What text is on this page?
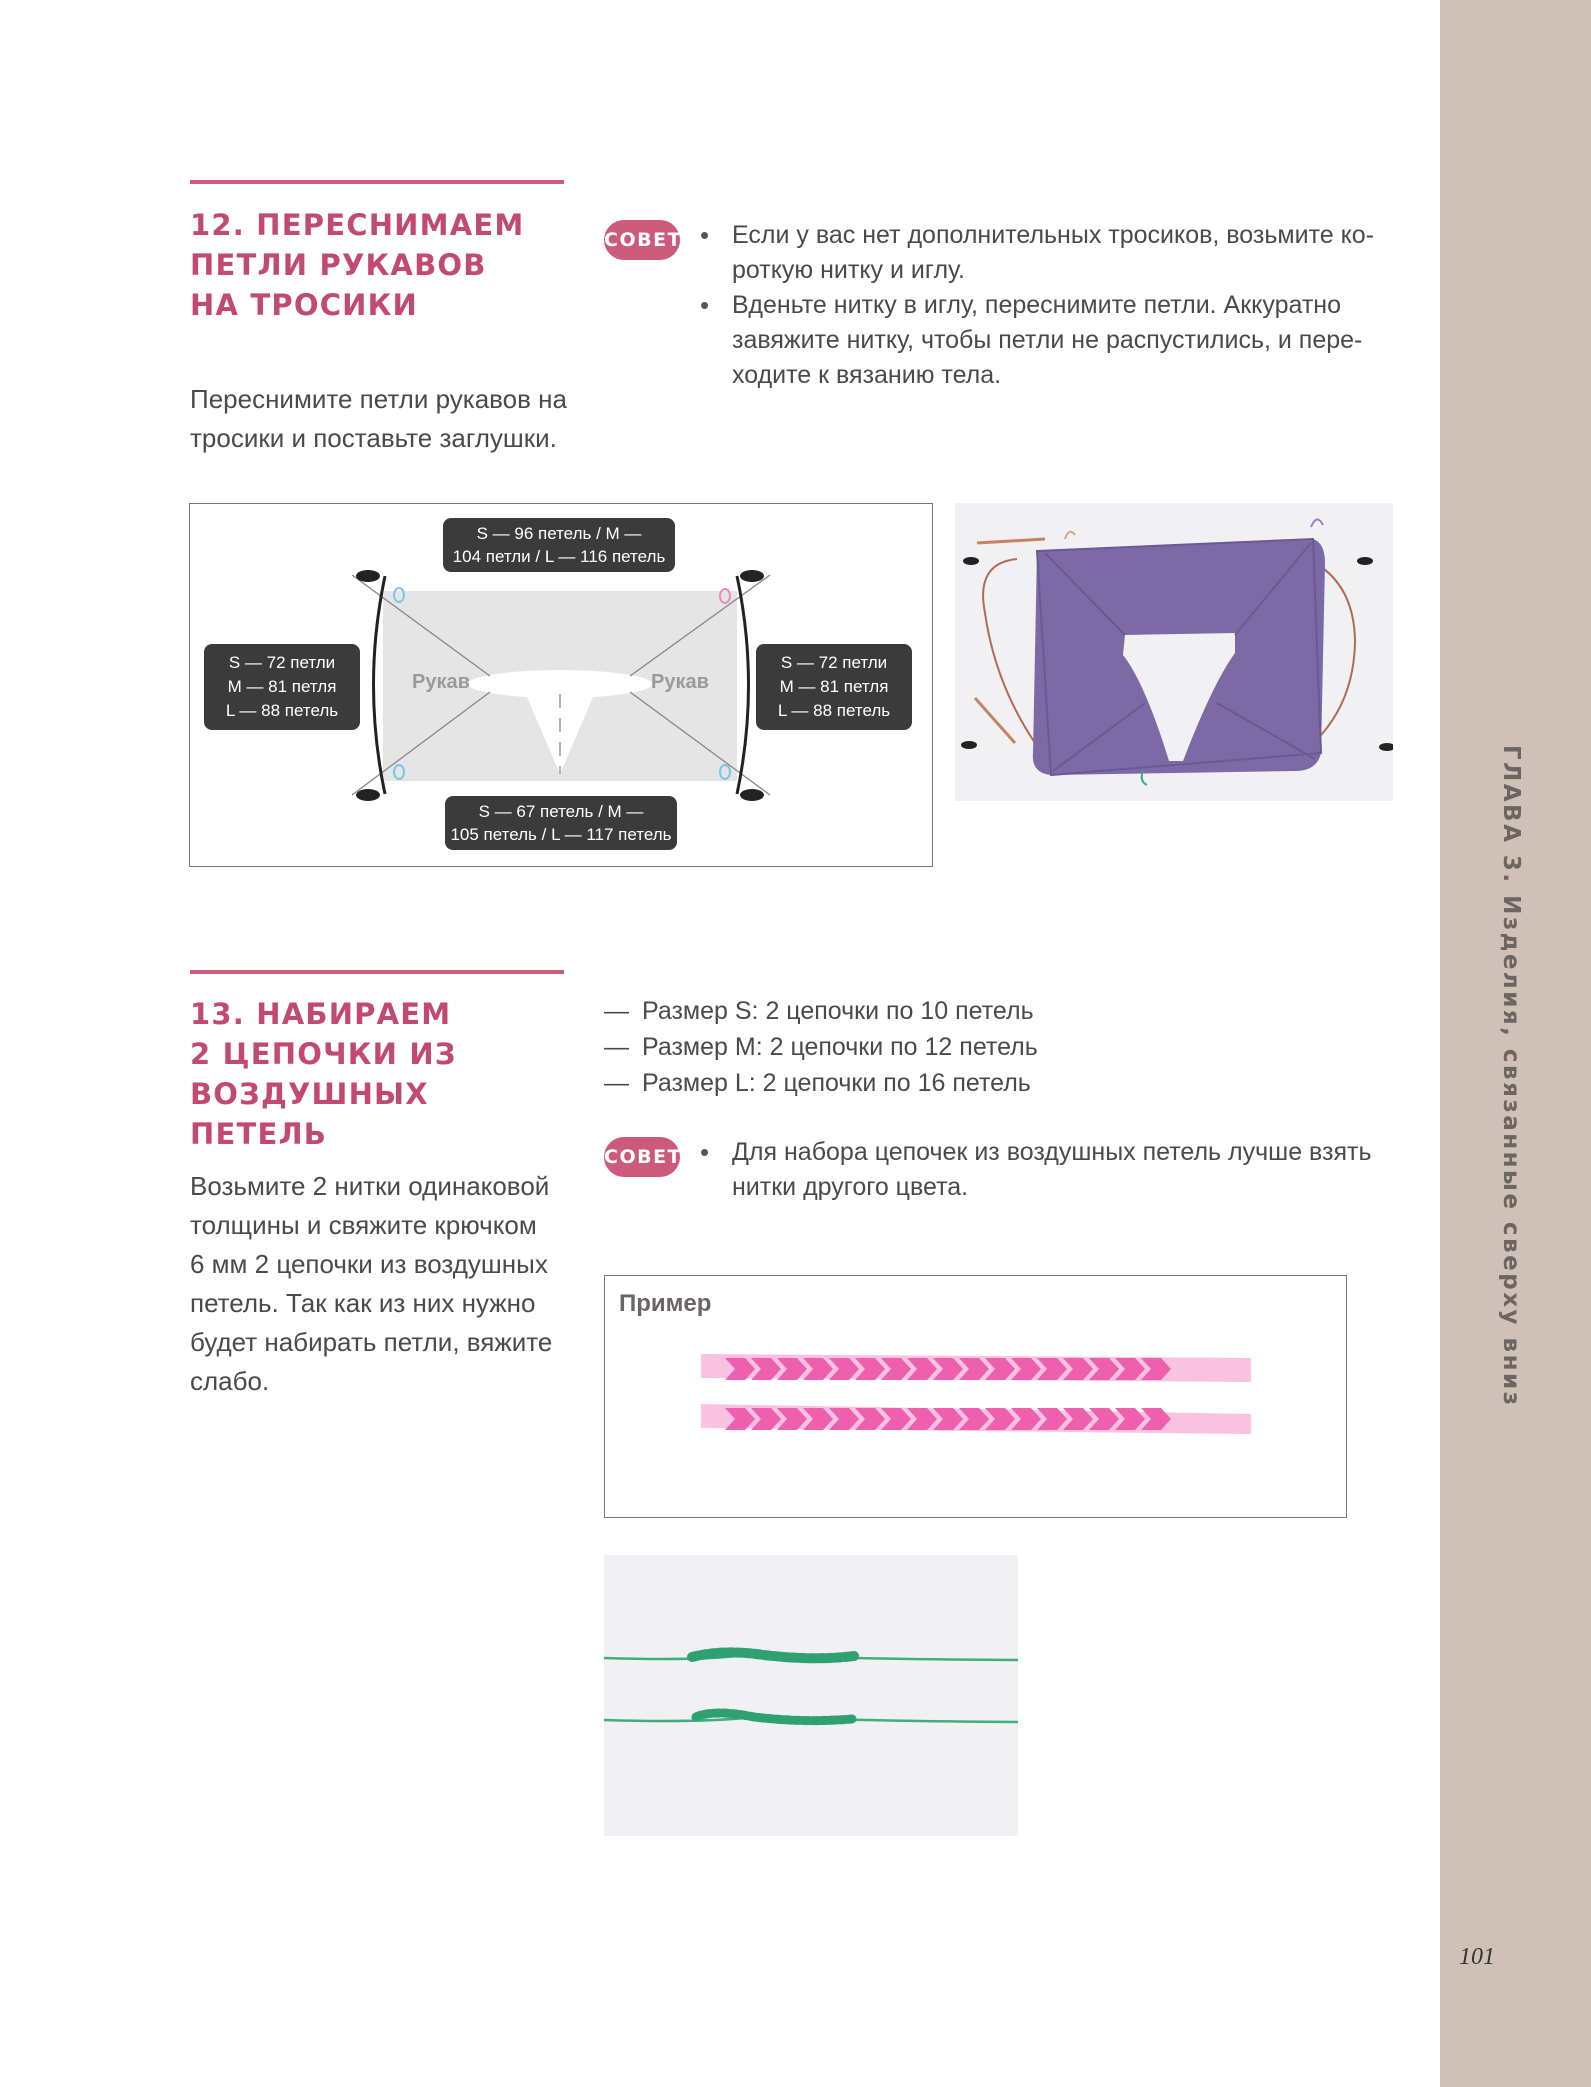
ГЛАВА 3. Изделия, связанные сверху вниз
101
12. ПЕРЕСНИМАЕМ
ПЕТЛИ РУКАВОВ
НА ТРОСИКИ

Переснимите петли рукавов на
тросики и поставьте заглушки.

СОВЕТ • Если у вас нет дополнительных тросиков, возьмите ко-
роткую нитку и иглу.
• Вденьте нитку в иглу, переснимите петли. Аккуратно
завяжите нитку, чтобы петли не распустились, и пере-
ходите к вязанию тела.
Рукав	Рукав
S — 96 петель / M —
104 петли / L — 116 петель
S — 67 петель / M —
105 петель / L — 117 петель
S — 72 петли
M — 81 петля
L — 88 петель
S — 72 петли
M — 81 петля
L — 88 петель
13. НАБИРАЕМ
2 ЦЕПОЧКИ ИЗ
ВОЗДУШНЫХ ПЕТЕЛЬ

Возьмите 2 нитки одинаковой
толщины и свяжите крючком
6 мм 2 цепочки из воздушных
петель. Так как из них нужно
будет набирать петли, вяжите
слабо.

— Размер S: 2 цепочки по 10 петель
— Размер M: 2 цепочки по 12 петель
— Размер L: 2 цепочки по 16 петель
СОВЕТ • Для набора цепочек из воздушных петель лучше взять
нитки другого цвета.
Пример
